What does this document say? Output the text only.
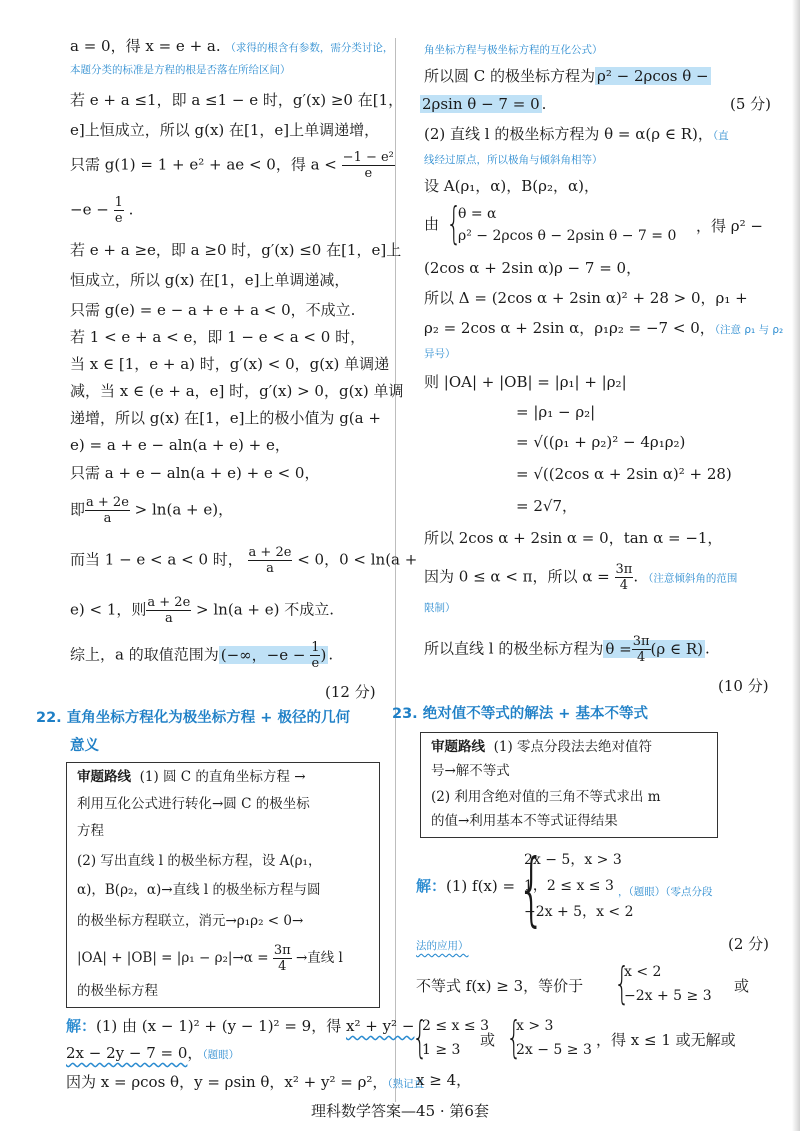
a = 0，得 x = e + a. （求得的根含有参数，需分类讨论，
本题分类的标准是方程的根是否落在所给区间）
若 e + a ≤1，即 a ≤1 − e 时，g′(x) ≥0 在[1，
e]上恒成立，所以 g(x) 在[1，e]上单调递增，
只需 g(1) = 1 + e² + ae < 0，得 $a < \frac{\text{−1 − e²}}{e}$
$-e - \frac{1}{e}$ .
若 e + a ≥e，即 a ≥0 时，g′(x) ≤0 在[1，e]上
恒成立，所以 g(x) 在[1，e]上单调递减，
只需 g(e) = e − a + e + a < 0，不成立.
若 1 < e + a < e，即 1 − e < a < 0 时，
当 x ∈ [1，e + a) 时，g′(x) < 0，g(x) 单调递
减，当 x ∈ (e + a，e] 时，g′(x) > 0，g(x) 单调
递增，所以 g(x) 在[1，e]上的极小值为 g(a +
e) = a + e − aln(a + e) + e，
只需 a + e − aln(a + e) + e < 0，
即 $\frac{a + 2e}{a} > \ln(a + e)$，
而当 1 − e < a < 0 时， $\frac{a + 2e}{a} < 0$，0 < ln(a +
e) < 1，则 $\frac{a + 2e}{a} > \ln(a + e)$ 不成立.
综上，a 的取值范围为 (−∞，$-e - \frac{1}{e}$ ) .
(12 分)
22. 直角坐标方程化为极坐标方程 + 极径的几何
意义
审题路线 (1) 圆 C 的直角坐标方程 →
利用互化公式进行转化→圆 C 的极坐标
方程
(2) 写出直线 l 的极坐标方程，设 A(ρ₁，
α)，B(ρ₂，α)→直线 l 的极坐标方程与圆
的极坐标方程联立，消元→ρ₁ρ₂ < 0→
$|OA| + |OB| = |\rho_1 - \rho_2|\to\alpha = \frac{3\pi}{4}$ →直线 l
的极坐标方程
解：(1) 由 (x − 1)² + (y − 1)² = 9，得 x² + y² −
2x − 2y − 7 = 0，（题眼）
因为 x = ρcos θ，y = ρsin θ，x² + y² = ρ²，（熟记直
角坐标方程与极坐标方程的互化公式）
所以圆 C 的极坐标方程为 ρ² − 2ρcos θ −
2ρsin θ − 7 = 0 .	(5 分)
(2) 直线 l 的极坐标方程为 θ = α(ρ ∈ R)，（直
线经过原点，所以极角与倾斜角相等）
设 A(ρ₁，α)，B(ρ₂，α)，
由 {
θ = α
ρ² − 2ρcos θ − 2ρsin θ − 7 = 0
，得 ρ² −
(2cos α + 2sin α)ρ − 7 = 0，
所以 Δ = (2cos α + 2sin α)² + 28 > 0，ρ₁ +
ρ₂ = 2cos α + 2sin α，ρ₁ρ₂ = −7 < 0，（注意 ρ₁ 与 ρ₂
异号）
则 |OA| + |OB| = |ρ₁| + |ρ₂|
= |ρ₁ − ρ₂|
= √((ρ₁ + ρ₂)² − 4ρ₁ρ₂)
= √((2cos α + 2sin α)² + 28)
= 2√7，
所以 2cos α + 2sin α = 0，tan α = −1，
因为 0 ≤ α < π，所以 $\alpha = \frac{3\pi}{4}$ . （注意倾斜角的范围
限制）
所以直线 l 的极坐标方程为 $\theta = \frac{3\pi}{4} (\rho$ ∈ R) .
(10 分)
23. 绝对值不等式的解法 + 基本不等式
审题路线 (1) 零点分段法去绝对值符
号→解不等式
(2) 利用含绝对值的三角不等式求出 m
的值→利用基本不等式证得结果
解：(1) f(x) = {
2x − 5，x > 3
1，2 ≤ x ≤ 3
−2x + 5，x < 2
，（题眼）（零点分段
法的应用）	(2 分)
不等式 f(x) ≥ 3，等价于 {
x < 2
−2x + 5 ≥ 3
或
{
2 ≤ x ≤ 3
1 ≥ 3
或 {
x > 3
2x − 5 ≥ 3
，得 x ≤ 1 或无解或
x ≥ 4，
理科数学答案—45 · 第6套
